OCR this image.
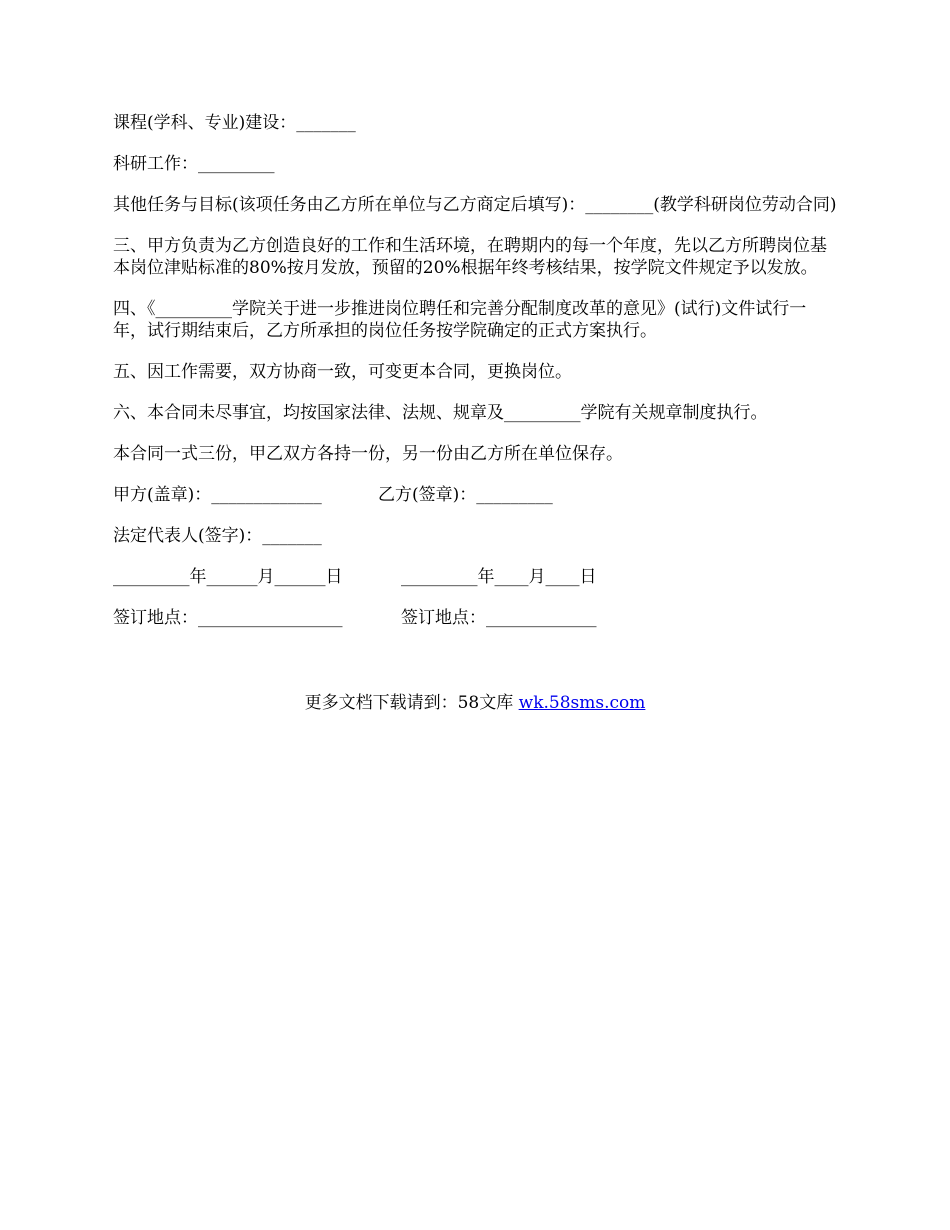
课程(学科、专业)建设：_______

科研工作：_________

其他任务与目标(该项任务由乙方所在单位与乙方商定后填写)：________(教学科研岗位劳动合同)

三、甲方负责为乙方创造良好的工作和生活环境，在聘期内的每一个年度，先以乙方所聘岗位基本岗位津贴标准的80%按月发放，预留的20%根据年终考核结果，按学院文件规定予以发放。

四、《_________学院关于进一步推进岗位聘任和完善分配制度改革的意见》(试行)文件试行一年，试行期结束后，乙方所承担的岗位任务按学院确定的正式方案执行。

五、因工作需要，双方协商一致，可变更本合同，更换岗位。

六、本合同未尽事宜，均按国家法律、法规、规章及_________学院有关规章制度执行。

本合同一式三份，甲乙双方各持一份，另一份由乙方所在单位保存。

甲方(盖章)：_____________	乙方(签章)：_________

法定代表人(签字)：_______

_________年______月______日	_________年____月____日

签订地点：_________________	签订地点：_____________

更多文档下载请到：58文库 wk.58sms.com
